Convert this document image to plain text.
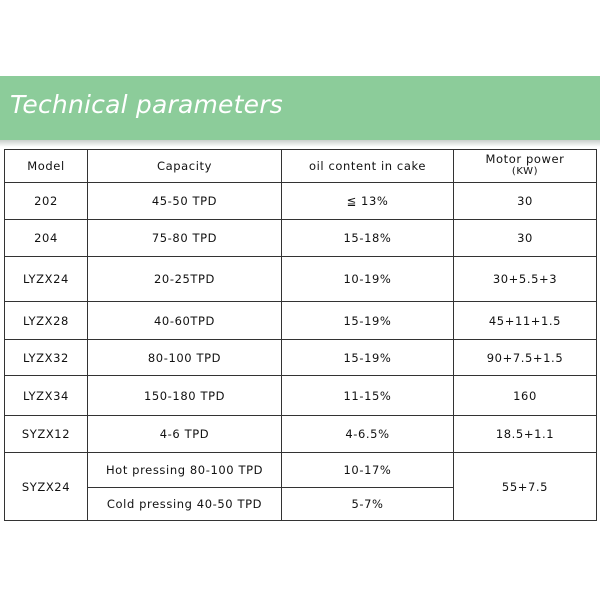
Technical parameters
Model	Capacity	oil content in cake	Motor power
(KW)

202	45-50 TPD	≦ 13%	30
204	75-80 TPD	15-18%	30
LYZX24	20-25TPD	10-19%	30+5.5+3
LYZX28	40-60TPD	15-19%	45+11+1.5
LYZX32	80-100 TPD	15-19%	90+7.5+1.5
LYZX34	150-180 TPD	11-15%	160
SYZX12	4-6 TPD	4-6.5%	18.5+1.1
SYZX24	Hot pressing 80-100 TPD	10-17%	55+7.5
	Cold pressing 40-50 TPD	5-7%	
